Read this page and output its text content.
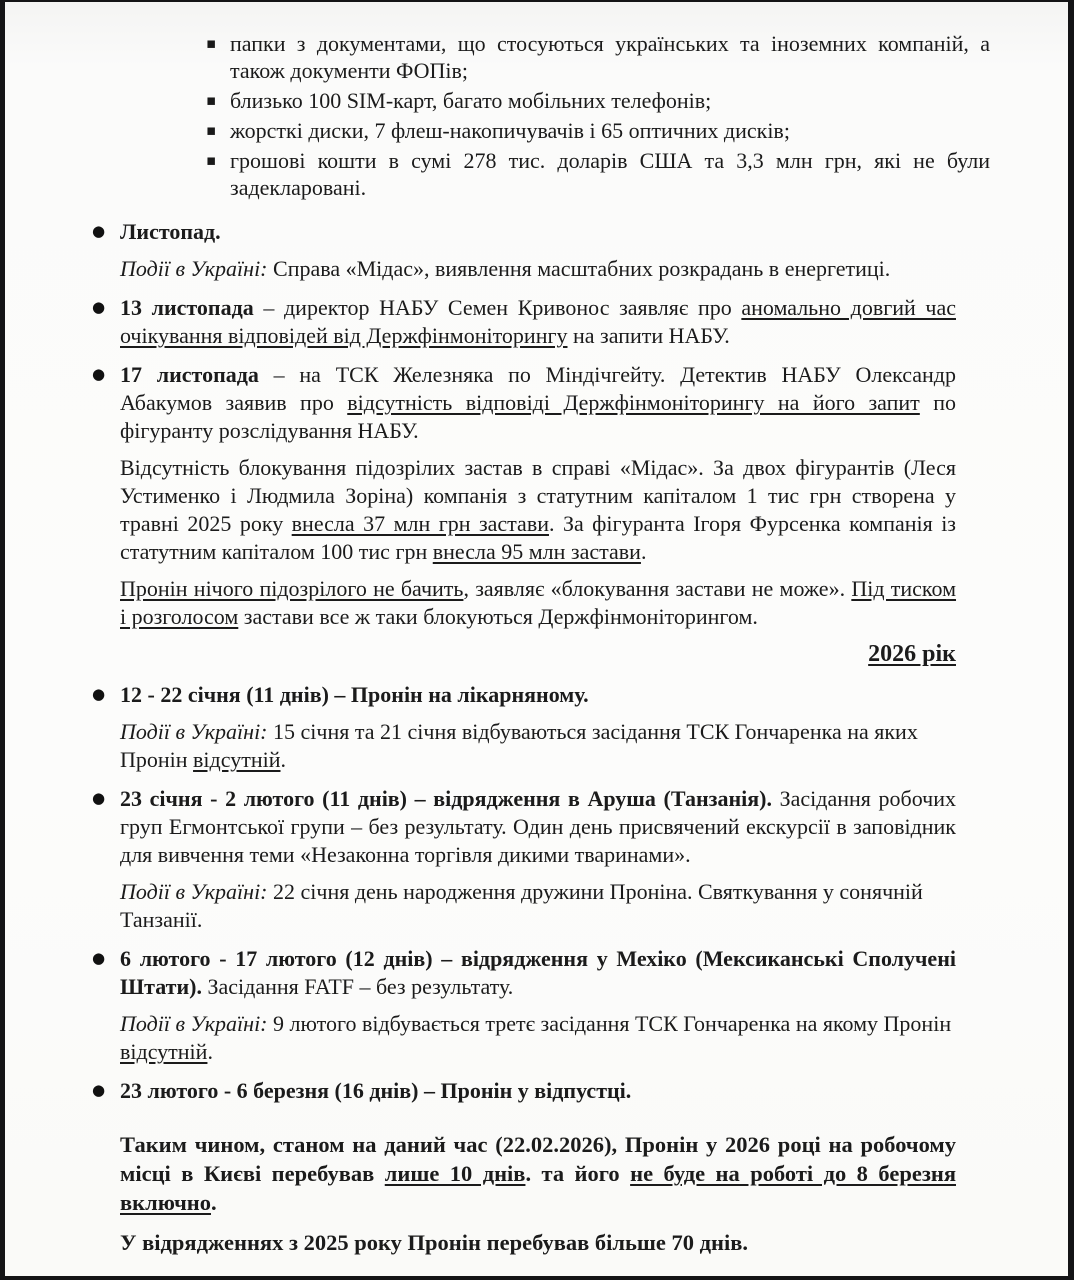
▪ папки з документами, що стосуються українських та іноземних компаній, а також документи ФОПів;
▪ близько 100 SIM-карт, багато мобільних телефонів;
▪ жорсткі диски, 7 флеш-накопичувачів і 65 оптичних дисків;
▪ грошові кошти в сумі 278 тис. доларів США та 3,3 млн грн, які не були задекларовані.
● Листопад.

Події в Україні: Справа «Мідас», виявлення масштабних розкрадань в енергетиці.

● 13 листопада – директор НАБУ Семен Кривонос заявляє про аномально довгий час очікування відповідей від Держфінмоніторингу на запити НАБУ.
● 17 листопада – на ТСК Железняка по Міндічгейту. Детектив НАБУ Олександр Абакумов заявив про відсутність відповіді Держфінмоніторингу на його запит по фігуранту розслідування НАБУ.

Відсутність блокування підозрілих застав в справі «Мідас». За двох фігурантів (Леся Устименко і Людмила Зоріна) компанія з статутним капіталом 1 тис грн створена у травні 2025 року внесла 37 млн грн застави. За фігуранта Ігоря Фурсенка компанія із статутним капіталом 100 тис грн внесла 95 млн застави.

Пронін нічого підозрілого не бачить, заявляє «блокування застави не може». Під тиском і розголосом застави все ж таки блокуються Держфінмоніторингом.

2026 рік

● 12 - 22 січня (11 днів) – Пронін на лікарняному.

Події в Україні: 15 січня та 21 січня відбуваються засідання ТСК Гончаренка на яких Пронін відсутній.

● 23 січня - 2 лютого (11 днів) – відрядження в Аруша (Танзанія). Засідання робочих груп Егмонтської групи – без результату. Один день присвячений екскурсії в заповідник для вивчення теми «Незаконна торгівля дикими тваринами».

Події в Україні: 22 січня день народження дружини Проніна. Святкування у сонячній Танзанії.

● 6 лютого - 17 лютого (12 днів) – відрядження у Мехіко (Мексиканські Сполучені Штати). Засідання FATF – без результату.

Події в Україні: 9 лютого відбувається третє засідання ТСК Гончаренка на якому Пронін відсутній.

● 23 лютого - 6 березня (16 днів) – Пронін у відпустці.

Таким чином, станом на даний час (22.02.2026), Пронін у 2026 році на робочому місці в Києві перебував лише 10 днів. та його не буде на роботі до 8 березня включно.

У відрядженнях з 2025 року Пронін перебував більше 70 днів.
